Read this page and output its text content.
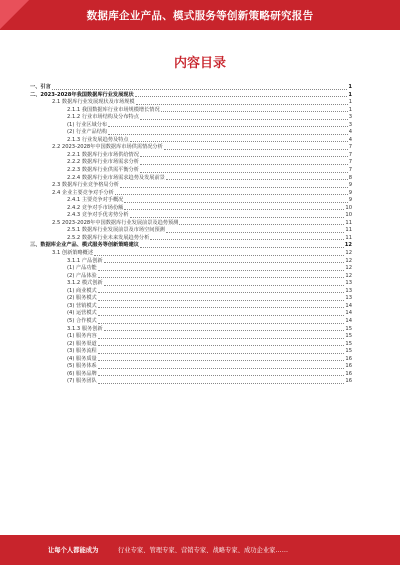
数据库企业产品、模式服务等创新策略研究报告
内容目录
一、引言	1
二、2023-2028年我国数据库行业发展现状	1
2.1 数据库行业发展现状及市场规模	1
2.1.1 我国数据库行业市场规模增长情况	1
2.1.2 行业市场结构及分布特点	3
(1) 行业区域分布	3
(2) 行业产品结构	4
2.1.3 行业发展趋势及特点	4
2.2 2023-2028年中国数据库市场供需情况分析	7
2.2.1 数据库行业市场供给情况	7
2.2.2 数据库行业市场需求分析	7
2.2.3 数据库行业供需平衡分析	7
2.2.4 数据库行业市场需求趋势及发展前景	8
2.3 数据库行业竞争格局分析	9
2.4 企业主要竞争对手分析	9
2.4.1 主要竞争对手概况	9
2.4.2 竞争对手市场份额	10
2.4.3 竞争对手优劣势分析	10
2.5 2023-2028年中国数据库行业发展前景及趋势预测	11
2.5.1 数据库行业发展前景及市场空间预测	11
2.5.2 数据库行业未来发展趋势分析	11
三、数据库企业产品、模式服务等创新策略建议	12
3.1 创新策略概述	12
3.1.1 产品创新	12
(1) 产品功能	12
(2) 产品体验	12
3.1.2 模式创新	13
(1) 商业模式	13
(2) 服务模式	13
(3) 营销模式	14
(4) 运营模式	14
(5) 合作模式	14
3.1.3 服务创新	15
(1) 服务内容	15
(2) 服务渠道	15
(3) 服务流程	15
(4) 服务质量	16
(5) 服务体系	16
(6) 服务品牌	16
(7) 服务团队	16
让每个人都能成为	行业专家、管理专家、营销专家、战略专家、成功企业家……
